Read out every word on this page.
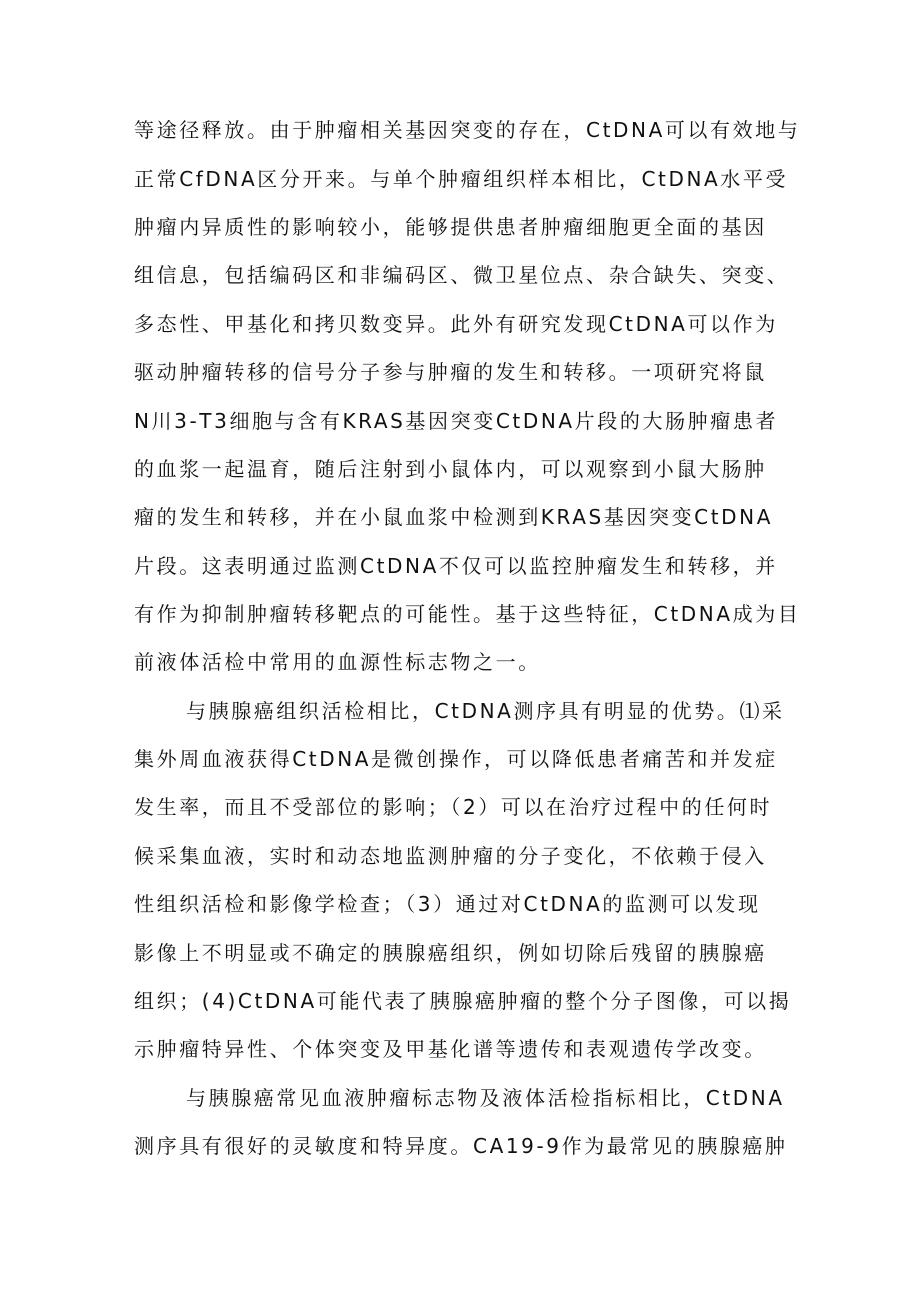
等途径释放。由于肿瘤相关基因突变的存在，CtDNA可以有效地与
正常CfDNA区分开来。与单个肿瘤组织样本相比，CtDNA水平受
肿瘤内异质性的影响较小，能够提供患者肿瘤细胞更全面的基因
组信息，包括编码区和非编码区、微卫星位点、杂合缺失、突变、
多态性、甲基化和拷贝数变异。此外有研究发现CtDNA可以作为
驱动肿瘤转移的信号分子参与肿瘤的发生和转移。一项研究将鼠
N川3-T3细胞与含有KRAS基因突变CtDNA片段的大肠肿瘤患者
的血浆一起温育，随后注射到小鼠体内，可以观察到小鼠大肠肿
瘤的发生和转移，并在小鼠血浆中检测到KRAS基因突变CtDNA
片段。这表明通过监测CtDNA不仅可以监控肿瘤发生和转移，并
有作为抑制肿瘤转移靶点的可能性。基于这些特征，CtDNA成为目
前液体活检中常用的血源性标志物之一。
与胰腺癌组织活检相比，CtDNA测序具有明显的优势。⑴采
集外周血液获得CtDNA是微创操作，可以降低患者痛苦和并发症
发生率，而且不受部位的影响；（2）可以在治疗过程中的任何时
候采集血液，实时和动态地监测肿瘤的分子变化，不依赖于侵入
性组织活检和影像学检查；（3）通过对CtDNA的监测可以发现
影像上不明显或不确定的胰腺癌组织，例如切除后残留的胰腺癌
组织；(4)CtDNA可能代表了胰腺癌肿瘤的整个分子图像，可以揭
示肿瘤特异性、个体突变及甲基化谱等遗传和表观遗传学改变。
与胰腺癌常见血液肿瘤标志物及液体活检指标相比，CtDNA
测序具有很好的灵敏度和特异度。CA19-9作为最常见的胰腺癌肿
